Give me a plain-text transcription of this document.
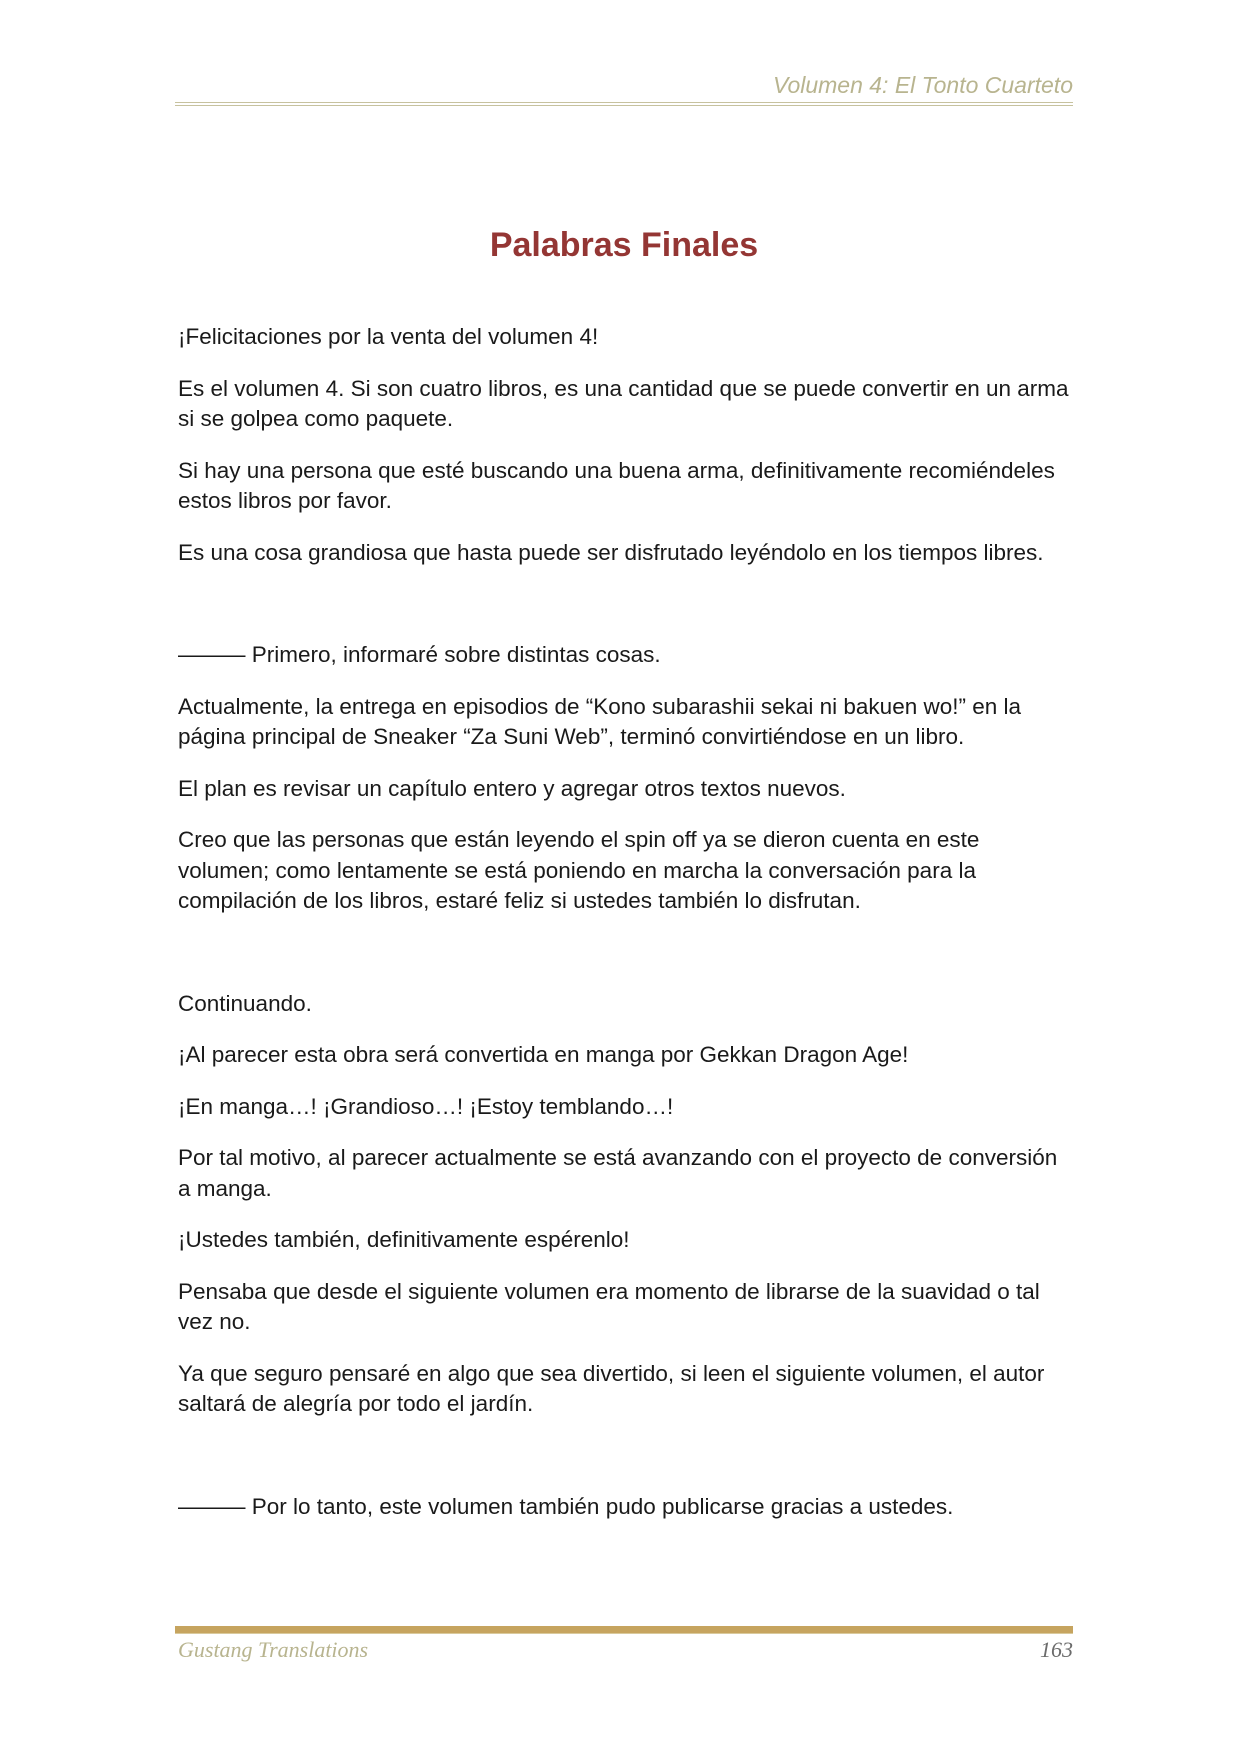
Volumen 4: El Tonto Cuarteto
Palabras Finales

¡Felicitaciones por la venta del volumen 4!

Es el volumen 4. Si son cuatro libros, es una cantidad que se puede convertir en un arma si se golpea como paquete.

Si hay una persona que esté buscando una buena arma, definitivamente recomiéndeles estos libros por favor.

Es una cosa grandiosa que hasta puede ser disfrutado leyéndolo en los tiempos libres.

——— Primero, informaré sobre distintas cosas.

Actualmente, la entrega en episodios de “Kono subarashii sekai ni bakuen wo!” en la página principal de Sneaker “Za Suni Web”, terminó convirtiéndose en un libro.

El plan es revisar un capítulo entero y agregar otros textos nuevos.

Creo que las personas que están leyendo el spin off ya se dieron cuenta en este volumen; como lentamente se está poniendo en marcha la conversación para la compilación de los libros, estaré feliz si ustedes también lo disfrutan.

Continuando.

¡Al parecer esta obra será convertida en manga por Gekkan Dragon Age!

¡En manga…! ¡Grandioso…! ¡Estoy temblando…!

Por tal motivo, al parecer actualmente se está avanzando con el proyecto de conversión a manga.

¡Ustedes también, definitivamente espérenlo!

Pensaba que desde el siguiente volumen era momento de librarse de la suavidad o tal vez no.

Ya que seguro pensaré en algo que sea divertido, si leen el siguiente volumen, el autor saltará de alegría por todo el jardín.

——— Por lo tanto, este volumen también pudo publicarse gracias a ustedes.

Gustang Translations	163
